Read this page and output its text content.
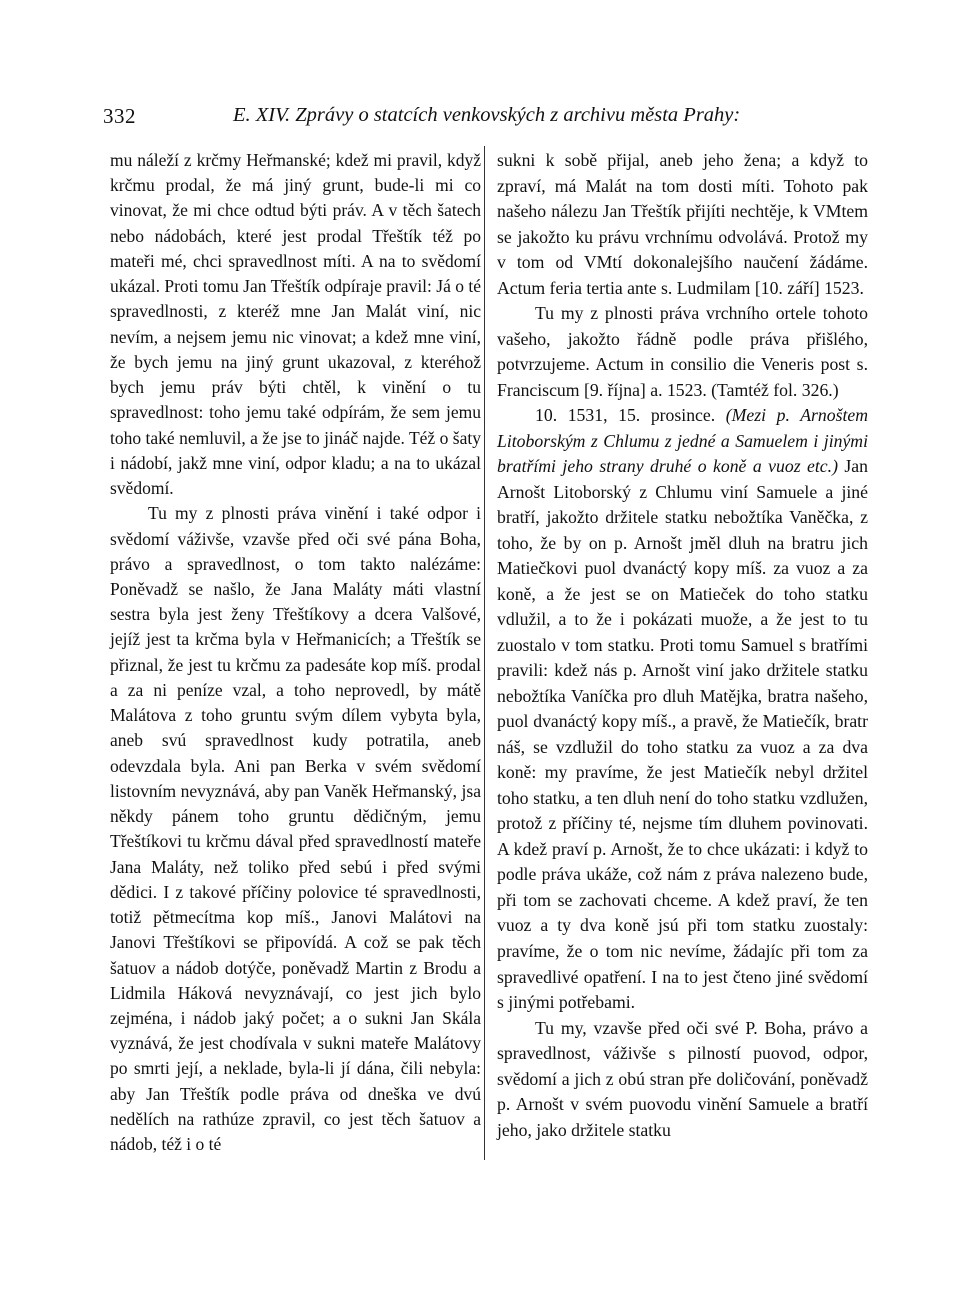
332	E. XIV. Zprávy o statcích venkovských z archivu města Prahy:

mu náleží z krčmy Heřmanské; kdež mi pravil, když krčmu prodal, že má jiný grunt, bude-li mi co vinovat, že mi chce odtud býti práv. A v těch šatech nebo nádobách, které jest prodal Třeštík též po mateři mé, chci spravedlnost míti. A na to svědomí ukázal. Proti tomu Jan Třeštík odpíraje pravil: Já o té spravedlnosti, z kteréž mne Jan Malát viní, nic nevím, a nejsem jemu nic vinovat; a kdež mne viní, že bych jemu na jiný grunt ukazoval, z kteréhož bych jemu práv býti chtěl, k vinění o tu spravedlnost: toho jemu také odpírám, že sem jemu toho také nemluvil, a že jse to jináč najde. Též o šaty i nádobí, jakž mne viní, odpor kladu; a na to ukázal svědomí.

Tu my z plnosti práva vinění i také odpor i svědomí váživše, vzavše před oči své pána Boha, právo a spravedlnost, o tom takto nalézáme: Poněvadž se našlo, že Jana Maláty máti vlastní sestra byla jest ženy Třeštíkovy a dcera Valšové, jejíž jest ta krčma byla v Heřmanicích; a Třeštík se přiznal, že jest tu krčmu za padesáte kop míš. prodal a za ni peníze vzal, a toho neprovedl, by mátě Malátova z toho gruntu svým dílem vybyta byla, aneb svú spravedlnost kudy potratila, aneb odevzdala byla. Ani pan Berka v svém svědomí listovním nevyznává, aby pan Vaněk Heřmanský, jsa někdy pánem toho gruntu dědičným, jemu Třeštíkovi tu krčmu dával před spravedlností mateře Jana Maláty, než toliko před sebú i před svými dědici. I z takové příčiny polovice té spravedlnosti, totiž pětmecítma kop míš., Janovi Malátovi na Janovi Třeštíkovi se připovídá. A což se pak těch šatuov a nádob dotýče, poněvadž Martin z Brodu a Lidmila Háková nevyznávají, co jest jich bylo zejména, i nádob jaký počet; a o sukni Jan Skála vyznává, že jest chodívala v sukni mateře Malátovy po smrti její, a neklade, byla-li jí dána, čili nebyla: aby Jan Třeštík podle práva od dneška ve dvú nedělích na rathúze zpravil, co jest těch šatuov a nádob, též i o té

sukni k sobě přijal, aneb jeho žena; a když to zpraví, má Malát na tom dosti míti. Tohoto pak našeho nálezu Jan Třeštík přijíti nechtěje, k VMtem se jakožto ku právu vrchnímu odvolává. Protož my v tom od VMtí dokonalejšího naučení žádáme. Actum feria tertia ante s. Ludmilam [10. září] 1523.

Tu my z plnosti práva vrchního ortele tohoto vašeho, jakožto řádně podle práva přišlého, potvrzujeme. Actum in consilio die Veneris post s. Franciscum [9. října] a. 1523. (Tamtéž fol. 326.)

10. 1531, 15. prosince. (Mezi p. Arnoštem Litoborským z Chlumu z jedné a Samuelem i jinými bratřími jeho strany druhé o koně a vuoz etc.) Jan Arnošt Litoborský z Chlumu viní Samuele a jiné bratří, jakožto držitele statku nebožtíka Vaněčka, z toho, že by on p. Arnošt jměl dluh na bratru jich Matiečkovi puol dvanáctý kopy míš. za vuoz a za koně, a že jest se on Matieček do toho statku vdlužil, a to že i pokázati muože, a že jest to tu zuostalo v tom statku. Proti tomu Samuel s bratřími pravili: kdež nás p. Arnošt viní jako držitele statku nebožtíka Vaníčka pro dluh Matějka, bratra našeho, puol dvanáctý kopy míš., a pravě, že Matiečík, bratr náš, se vzdlužil do toho statku za vuoz a za dva koně: my pravíme, že jest Matiečík nebyl držitel toho statku, a ten dluh není do toho statku vzdlužen, protož z příčiny té, nejsme tím dluhem povinovati. A kdež praví p. Arnošt, že to chce ukázati: i když to podle práva ukáže, což nám z práva nalezeno bude, při tom se zachovati chceme. A kdež praví, že ten vuoz a ty dva koně jsú při tom statku zuostaly: pravíme, že o tom nic nevíme, žádajíc při tom za spravedlivé opatření. I na to jest čteno jiné svědomí s jinými potřebami.

Tu my, vzavše před oči své P. Boha, právo a spravedlnost, váživše s pilností puovod, odpor, svědomí a jich z obú stran pře doličování, poněvadž p. Arnošt v svém puovodu vinění Samuele a bratří jeho, jako držitele statku
